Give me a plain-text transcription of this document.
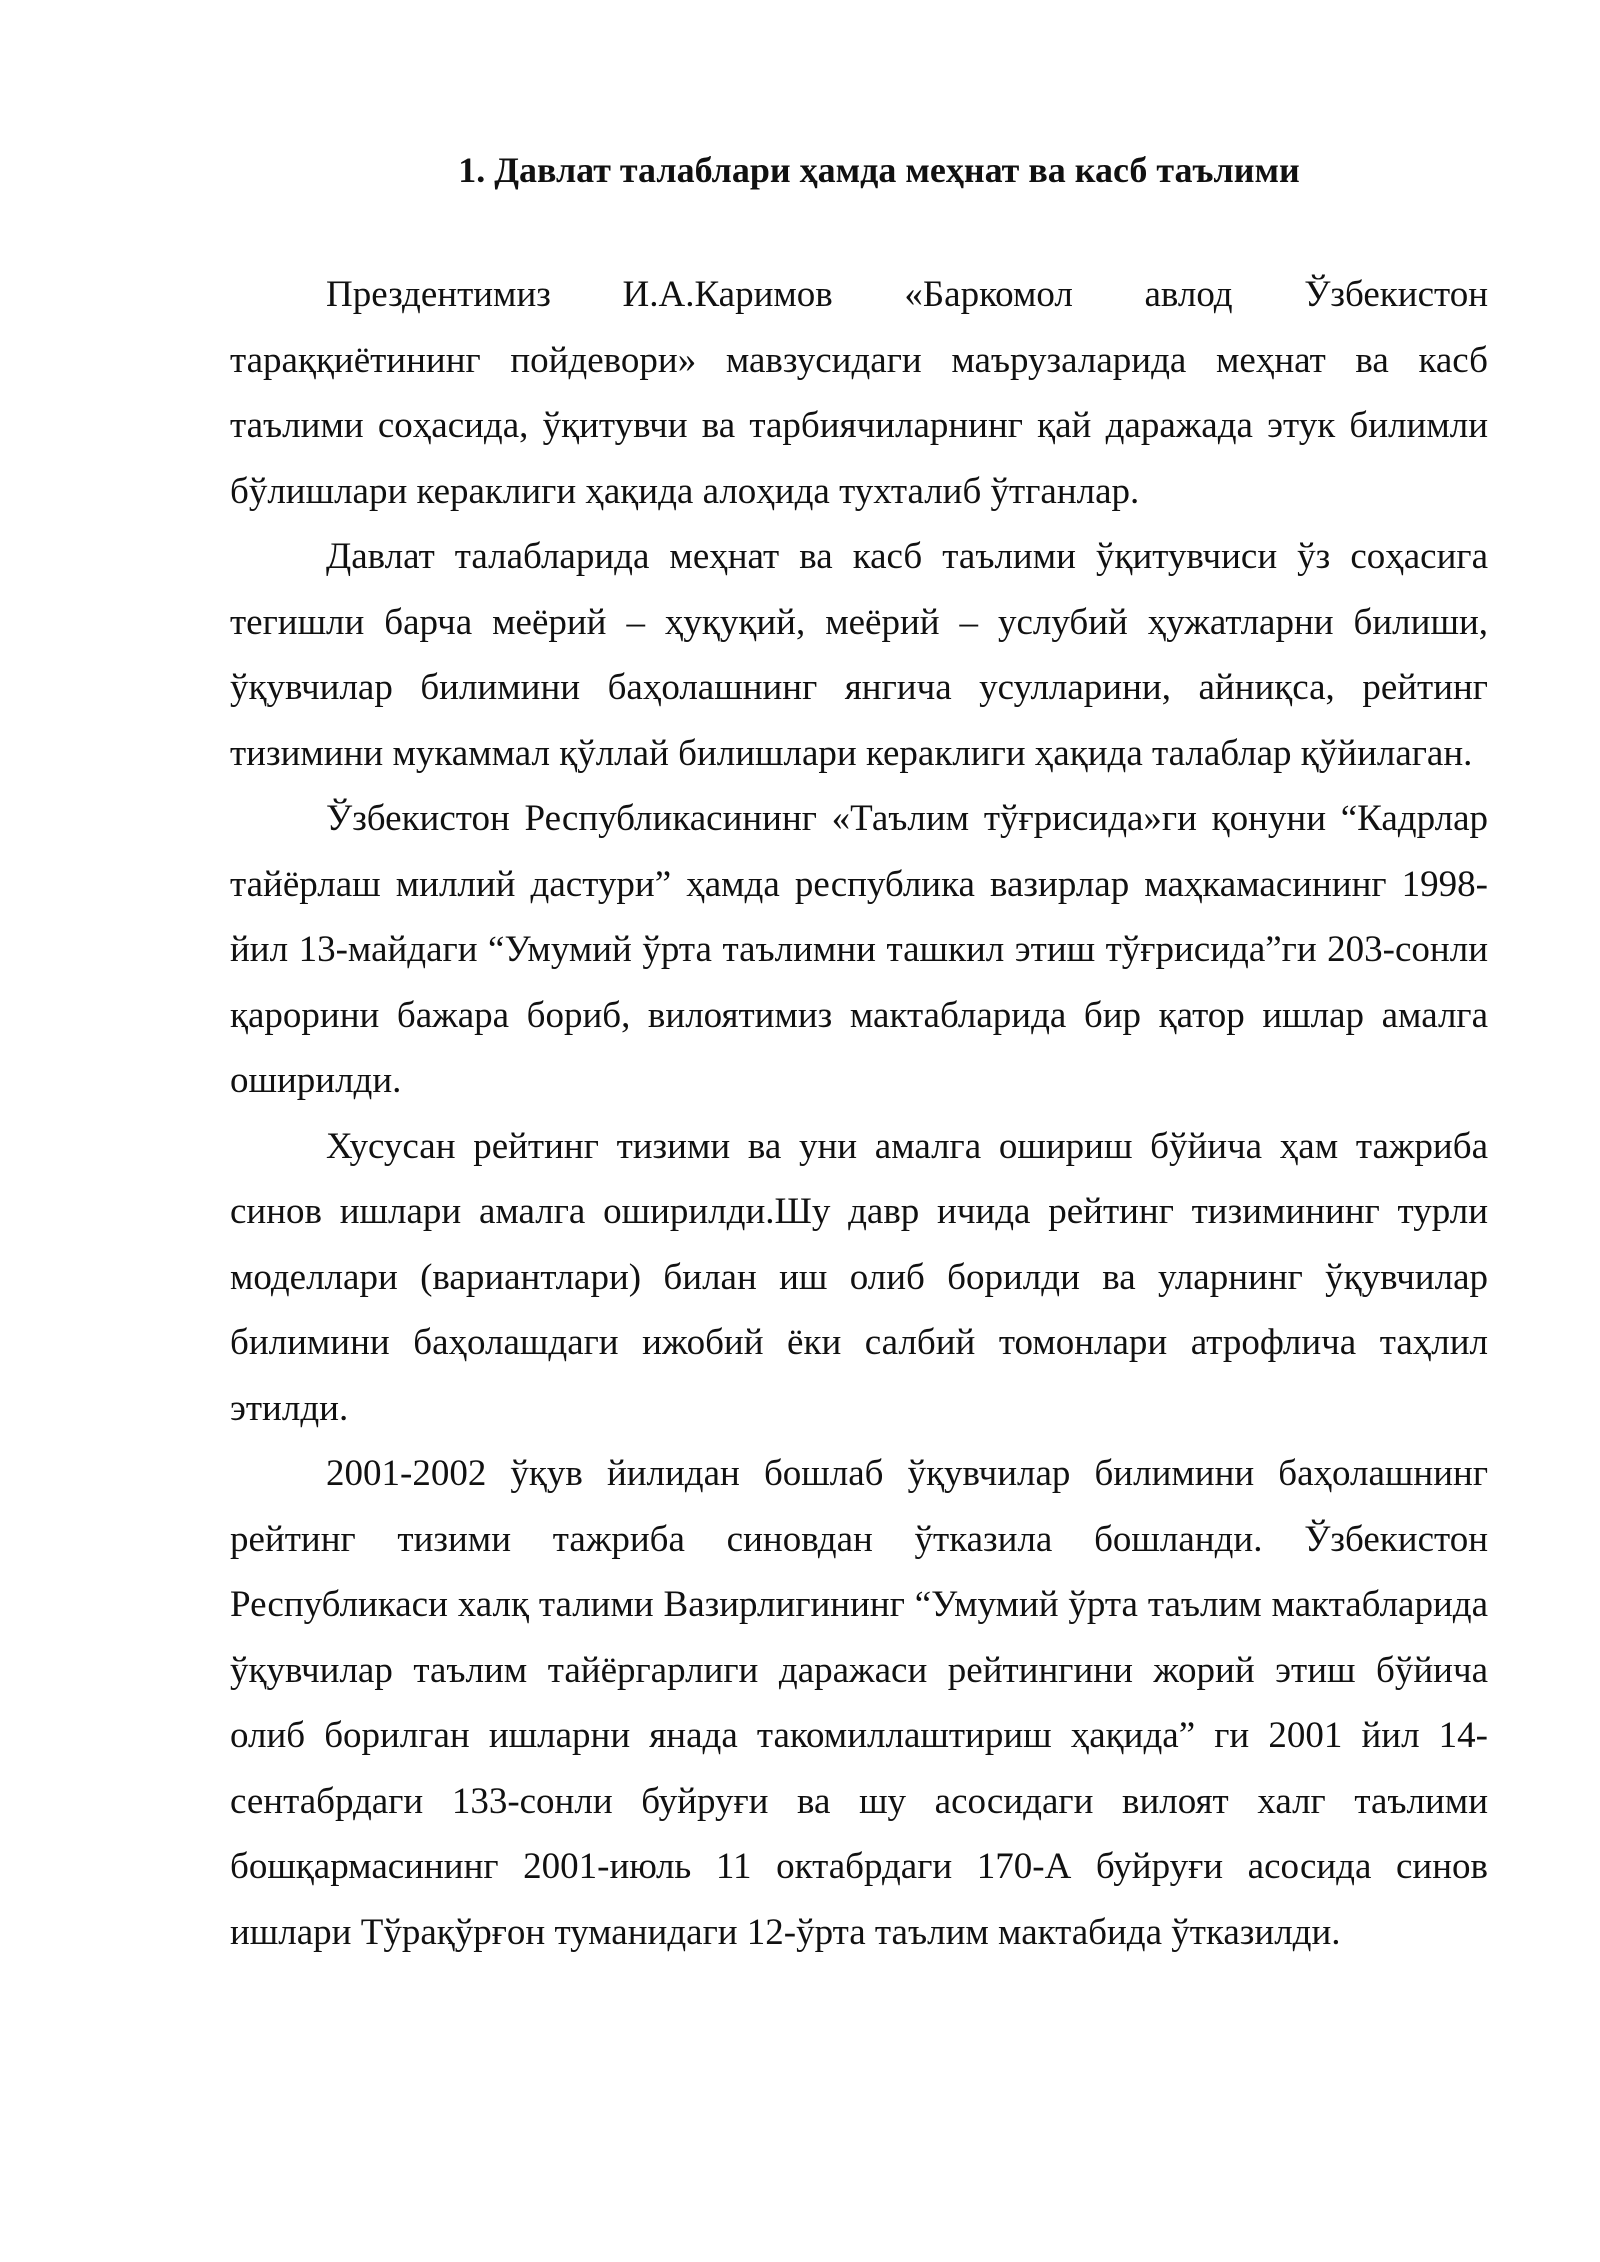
1. Давлат талаблари ҳамда меҳнат ва касб таълими

Прездентимиз И.А.Каримов «Баркомол авлод Ўзбекистон тараққиётининг пойдевори» мавзусидаги маърузаларида меҳнат ва касб таълими соҳасида, ўқитувчи ва тарбиячиларнинг қай даражада этук билимли бўлишлари кераклиги ҳақида алоҳида тухталиб ўтганлар.

Давлат талабларида меҳнат ва касб таълими ўқитувчиси ўз соҳасига тегишли барча меёрий – ҳуқуқий, меёрий – услубий ҳужатларни билиши, ўқувчилар билимини баҳолашнинг янгича усулларини, айниқса, рейтинг тизимини мукаммал қўллай билишлари кераклиги ҳақида талаблар қўйилаган.

Ўзбекистон Республикасининг «Таълим тўғрисида»ги қонуни “Кадрлар тайёрлаш миллий дастури” ҳамда республика вазирлар маҳкамасининг 1998-йил 13-майдаги “Умумий ўрта таълимни ташкил этиш тўғрисида”ги 203-сонли қарорини бажара бориб, вилоятимиз мактабларида бир қатор ишлар амалга оширилди.

Хусусан рейтинг тизими ва уни амалга ошириш бўйича ҳам тажриба синов ишлари амалга оширилди.Шу давр ичида рейтинг тизимининг турли моделлари (вариантлари) билан иш олиб борилди ва уларнинг ўқувчилар билимини баҳолашдаги ижобий ёки салбий томонлари атрофлича таҳлил этилди.

2001-2002 ўқув йилидан бошлаб ўқувчилар билимини баҳолашнинг рейтинг тизими тажриба синовдан ўтказила бошланди. Ўзбекистон Республикаси халқ талими Вазирлигининг “Умумий ўрта таълим мактабларида ўқувчилар таълим тайёргарлиги даражаси рейтингини жорий этиш бўйича олиб борилган ишларни янада такомиллаштириш ҳақида” ги 2001 йил 14-сентабрдаги 133-сонли буйруғи ва шу асосидаги вилоят халг таълими бошқармасининг 2001-июль 11 октабрдаги 170-А буйруғи асосида синов ишлари Тўрақўрғон туманидаги 12-ўрта таълим мактабида ўтказилди.
